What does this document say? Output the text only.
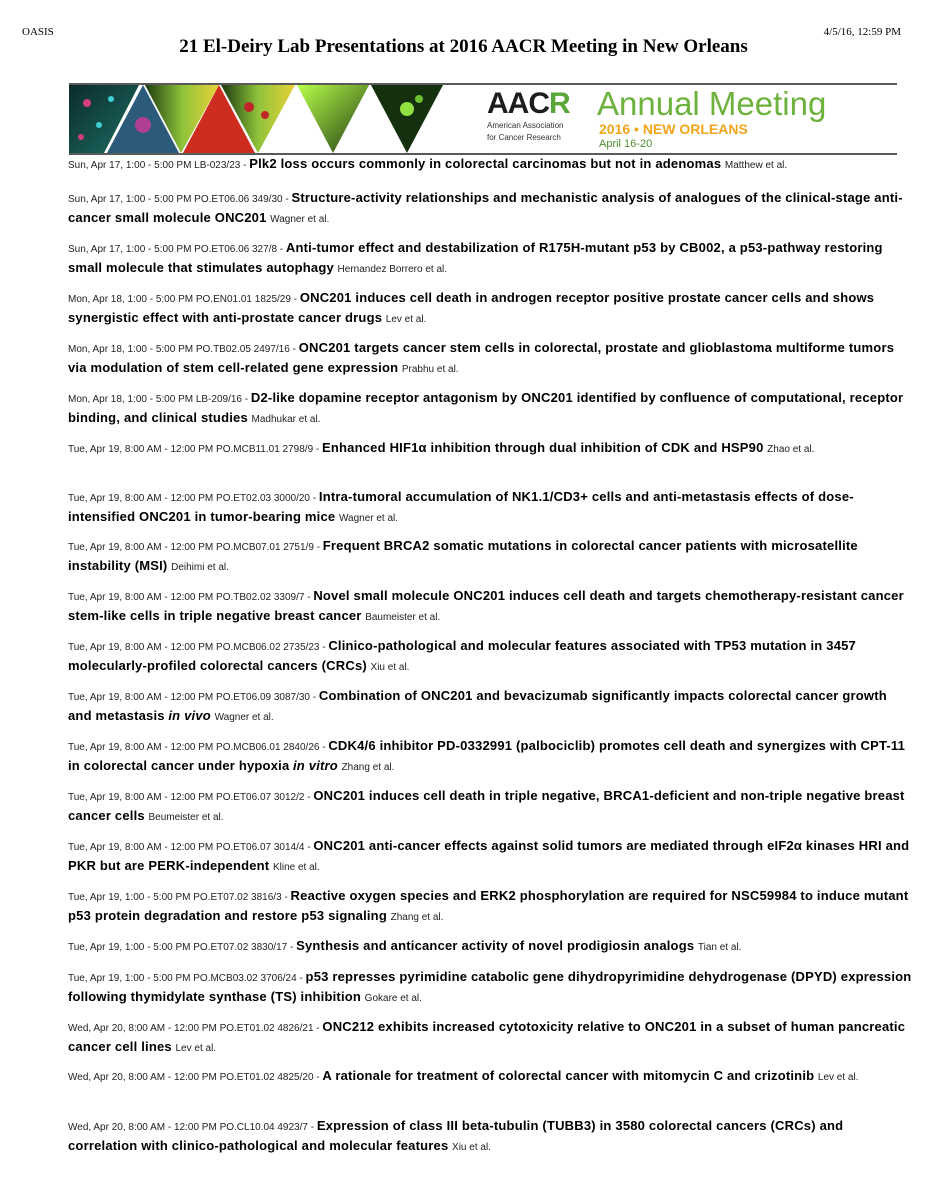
OASIS	4/5/16, 12:59 PM
21 El-Deiry Lab Presentations at 2016 AACR Meeting in New Orleans
AACR
American Association
for Cancer Research
Annual Meeting
2016 • NEW ORLEANS
April 16-20
Sun, Apr 17, 1:00 - 5:00 PM LB-023/23 - Plk2 loss occurs commonly in colorectal carcinomas but not in adenomas Matthew et al.
Sun, Apr 17, 1:00 - 5:00 PM PO.ET06.06 349/30 - Structure-activity relationships and mechanistic analysis of analogues of the clinical-stage anti-cancer small molecule ONC201 Wagner et al.
Sun, Apr 17, 1:00 - 5:00 PM PO.ET06.06 327/8 - Anti-tumor effect and destabilization of R175H-mutant p53 by CB002, a p53-pathway restoring small molecule that stimulates autophagy Hernandez Borrero et al.
Mon, Apr 18, 1:00 - 5:00 PM PO.EN01.01 1825/29 - ONC201 induces cell death in androgen receptor positive prostate cancer cells and shows synergistic effect with anti-prostate cancer drugs Lev et al.
Mon, Apr 18, 1:00 - 5:00 PM PO.TB02.05 2497/16 - ONC201 targets cancer stem cells in colorectal, prostate and glioblastoma multiforme tumors via modulation of stem cell-related gene expression Prabhu et al.
Mon, Apr 18, 1:00 - 5:00 PM LB-209/16 - D2-like dopamine receptor antagonism by ONC201 identified by confluence of computational, receptor binding, and clinical studies Madhukar et al.
Tue, Apr 19, 8:00 AM - 12:00 PM PO.MCB11.01 2798/9 - Enhanced HIF1α inhibition through dual inhibition of CDK and HSP90 Zhao et al.
Tue, Apr 19, 8:00 AM - 12:00 PM PO.ET02.03 3000/20 - Intra-tumoral accumulation of NK1.1/CD3+ cells and anti-metastasis effects of dose-intensified ONC201 in tumor-bearing mice Wagner et al.
Tue, Apr 19, 8:00 AM - 12:00 PM PO.MCB07.01 2751/9 - Frequent BRCA2 somatic mutations in colorectal cancer patients with microsatellite instability (MSI) Deihimi et al.
Tue, Apr 19, 8:00 AM - 12:00 PM PO.TB02.02 3309/7 - Novel small molecule ONC201 induces cell death and targets chemotherapy-resistant cancer stem-like cells in triple negative breast cancer Baumeister et al.
Tue, Apr 19, 8:00 AM - 12:00 PM PO.MCB06.02 2735/23 - Clinico-pathological and molecular features associated with TP53 mutation in 3457 molecularly-profiled colorectal cancers (CRCs) Xiu et al.
Tue, Apr 19, 8:00 AM - 12:00 PM PO.ET06.09 3087/30 - Combination of ONC201 and bevacizumab significantly impacts colorectal cancer growth and metastasis in vivo Wagner et al.
Tue, Apr 19, 8:00 AM - 12:00 PM PO.MCB06.01 2840/26 - CDK4/6 inhibitor PD-0332991 (palbociclib) promotes cell death and synergizes with CPT-11 in colorectal cancer under hypoxia in vitro Zhang et al.
Tue, Apr 19, 8:00 AM - 12:00 PM PO.ET06.07 3012/2 - ONC201 induces cell death in triple negative, BRCA1-deficient and non-triple negative breast cancer cells Beumeister et al.
Tue, Apr 19, 8:00 AM - 12:00 PM PO.ET06.07 3014/4 - ONC201 anti-cancer effects against solid tumors are mediated through eIF2α kinases HRI and PKR but are PERK-independent Kline et al.
Tue, Apr 19, 1:00 - 5:00 PM PO.ET07.02 3816/3 - Reactive oxygen species and ERK2 phosphorylation are required for NSC59984 to induce mutant p53 protein degradation and restore p53 signaling Zhang et al.
Tue, Apr 19, 1:00 - 5:00 PM PO.ET07.02 3830/17 - Synthesis and anticancer activity of novel prodigiosin analogs Tian et al.
Tue, Apr 19, 1:00 - 5:00 PM PO.MCB03.02 3706/24 - p53 represses pyrimidine catabolic gene dihydropyrimidine dehydrogenase (DPYD) expression following thymidylate synthase (TS) inhibition Gokare et al.
Wed, Apr 20, 8:00 AM - 12:00 PM PO.ET01.02 4826/21 - ONC212 exhibits increased cytotoxicity relative to ONC201 in a subset of human pancreatic cancer cell lines Lev et al.
Wed, Apr 20, 8:00 AM - 12:00 PM PO.ET01.02 4825/20 - A rationale for treatment of colorectal cancer with mitomycin C and crizotinib Lev et al.
Wed, Apr 20, 8:00 AM - 12:00 PM PO.CL10.04 4923/7 - Expression of class III beta-tubulin (TUBB3) in 3580 colorectal cancers (CRCs) and correlation with clinico-pathological and molecular features Xiu et al.
